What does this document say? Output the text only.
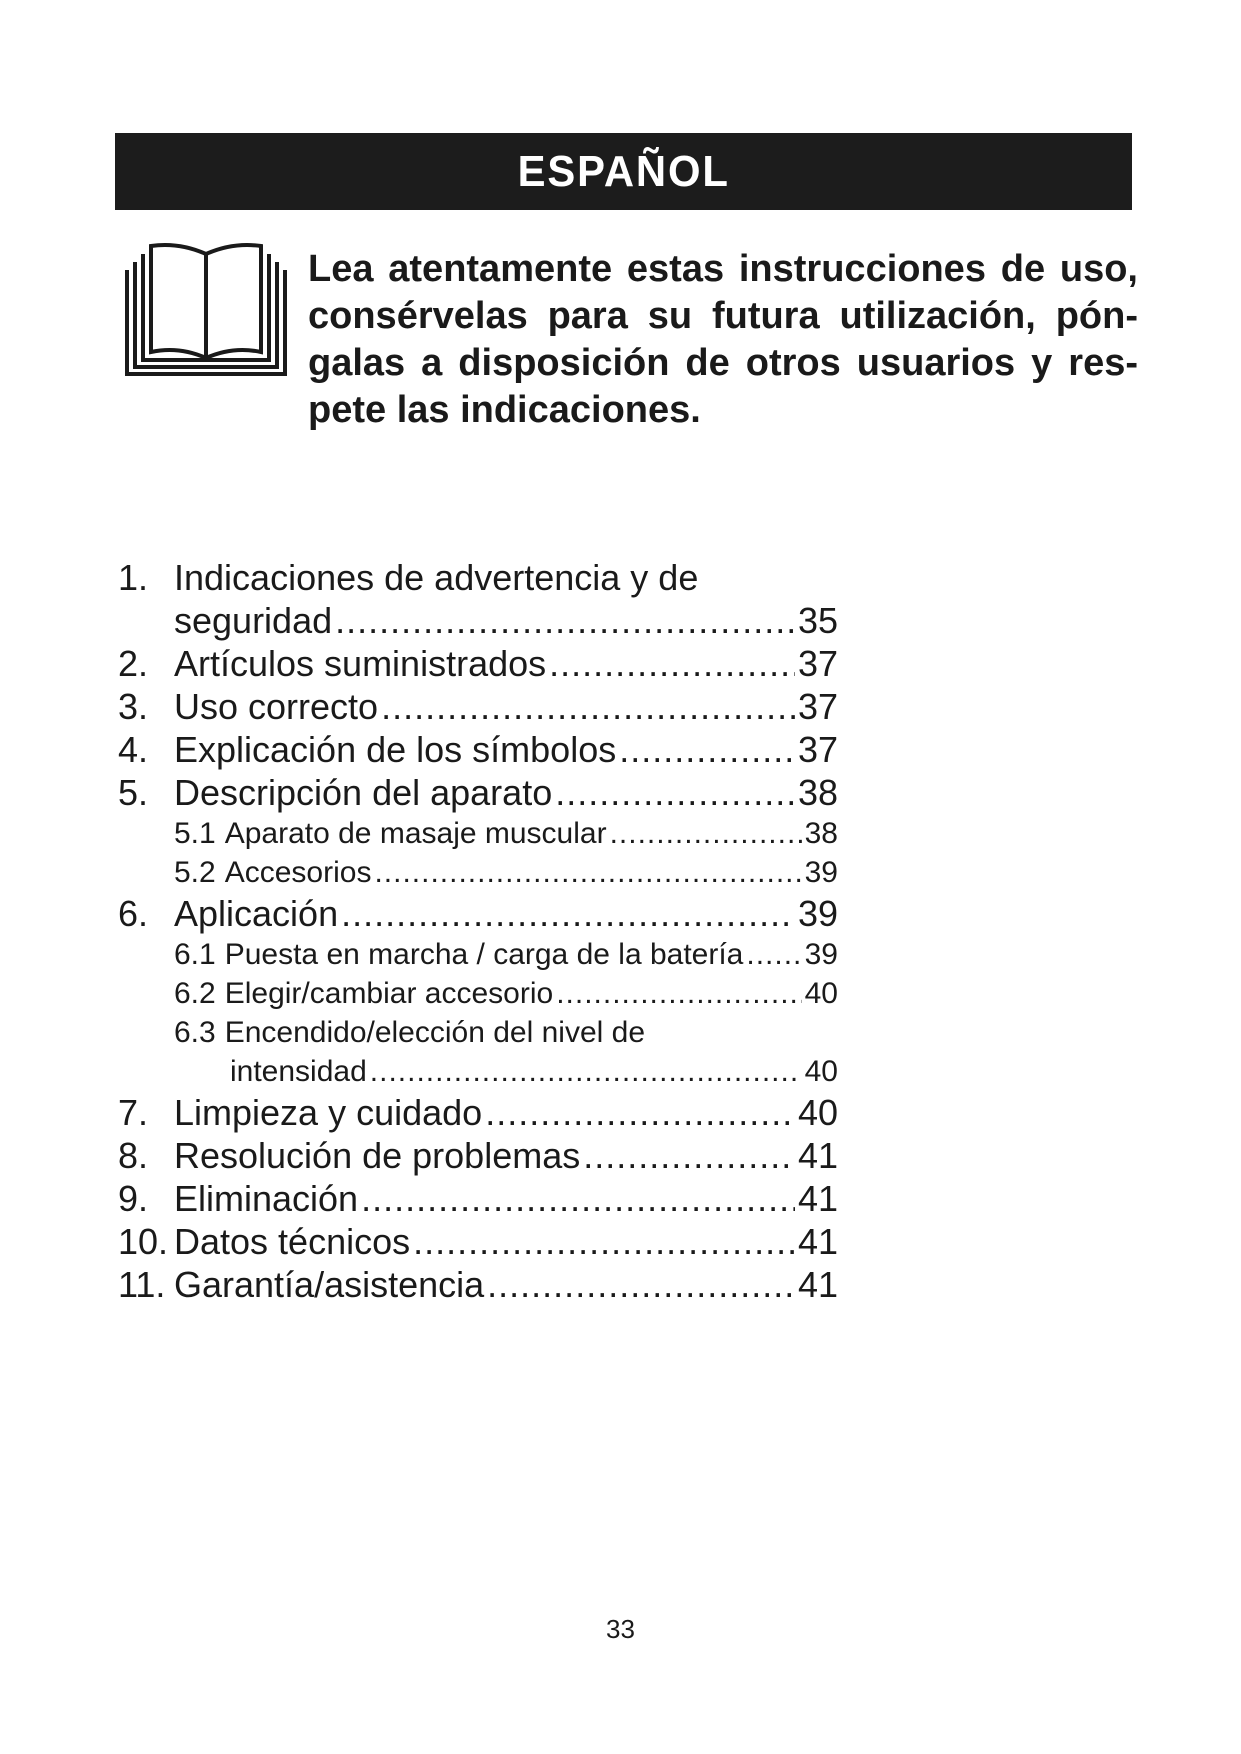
ESPAÑOL
Lea atentamente estas instrucciones de uso, consérvelas para su futura utilización, pón-galas a disposición de otros usuarios y res-pete las indicaciones.
1. Indicaciones de advertencia y de
seguridad .....	35
2. Artículos suministrados .....	37
3. Uso correcto .....	37
4. Explicación de los símbolos .....	37
5. Descripción del aparato .....	38
5.1 Aparato de masaje muscular .....	38
5.2 Accesorios .....	39
6. Aplicación .....	39
6.1 Puesta en marcha / carga de la batería ..... 39
6.2 Elegir/cambiar accesorio .....	40
6.3 Encendido/elección del nivel de
intensidad .....	40
7. Limpieza y cuidado .....	40
8. Resolución de problemas .....	41
9. Eliminación .....	41
10. Datos técnicos .....	41
11. Garantía/asistencia .....	41
33
